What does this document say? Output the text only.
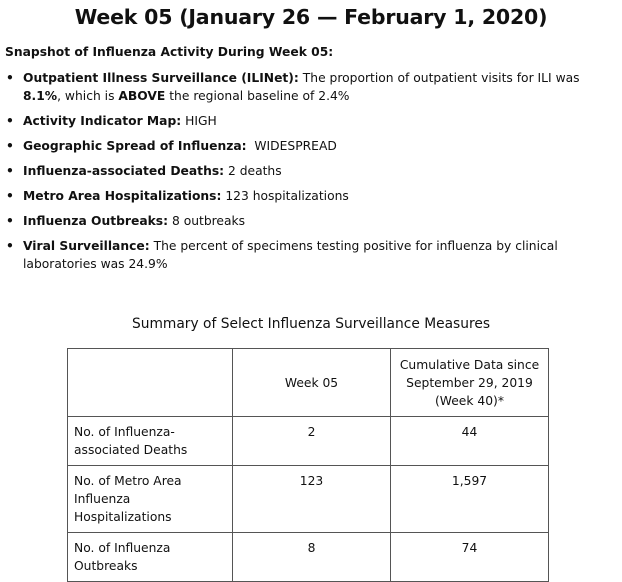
Week 05 (January 26 — February 1, 2020)
Snapshot of Influenza Activity During Week 05:
• Outpatient Illness Surveillance (ILINet): The proportion of outpatient visits for ILI was 8.1%, which is ABOVE the regional baseline of 2.4%
• Activity Indicator Map: HIGH
• Geographic Spread of Influenza:  WIDESPREAD
• Influenza-associated Deaths: 2 deaths
• Metro Area Hospitalizations: 123 hospitalizations
• Influenza Outbreaks: 8 outbreaks
• Viral Surveillance: The percent of specimens testing positive for influenza by clinical laboratories was 24.9%
Summary of Select Influenza Surveillance Measures
	Week 05	Cumulative Data since September 29, 2019 (Week 40)*
No. of Influenza-associated Deaths	2	44
No. of Metro Area Influenza Hospitalizations	123	1,597
No. of Influenza Outbreaks	8	74
